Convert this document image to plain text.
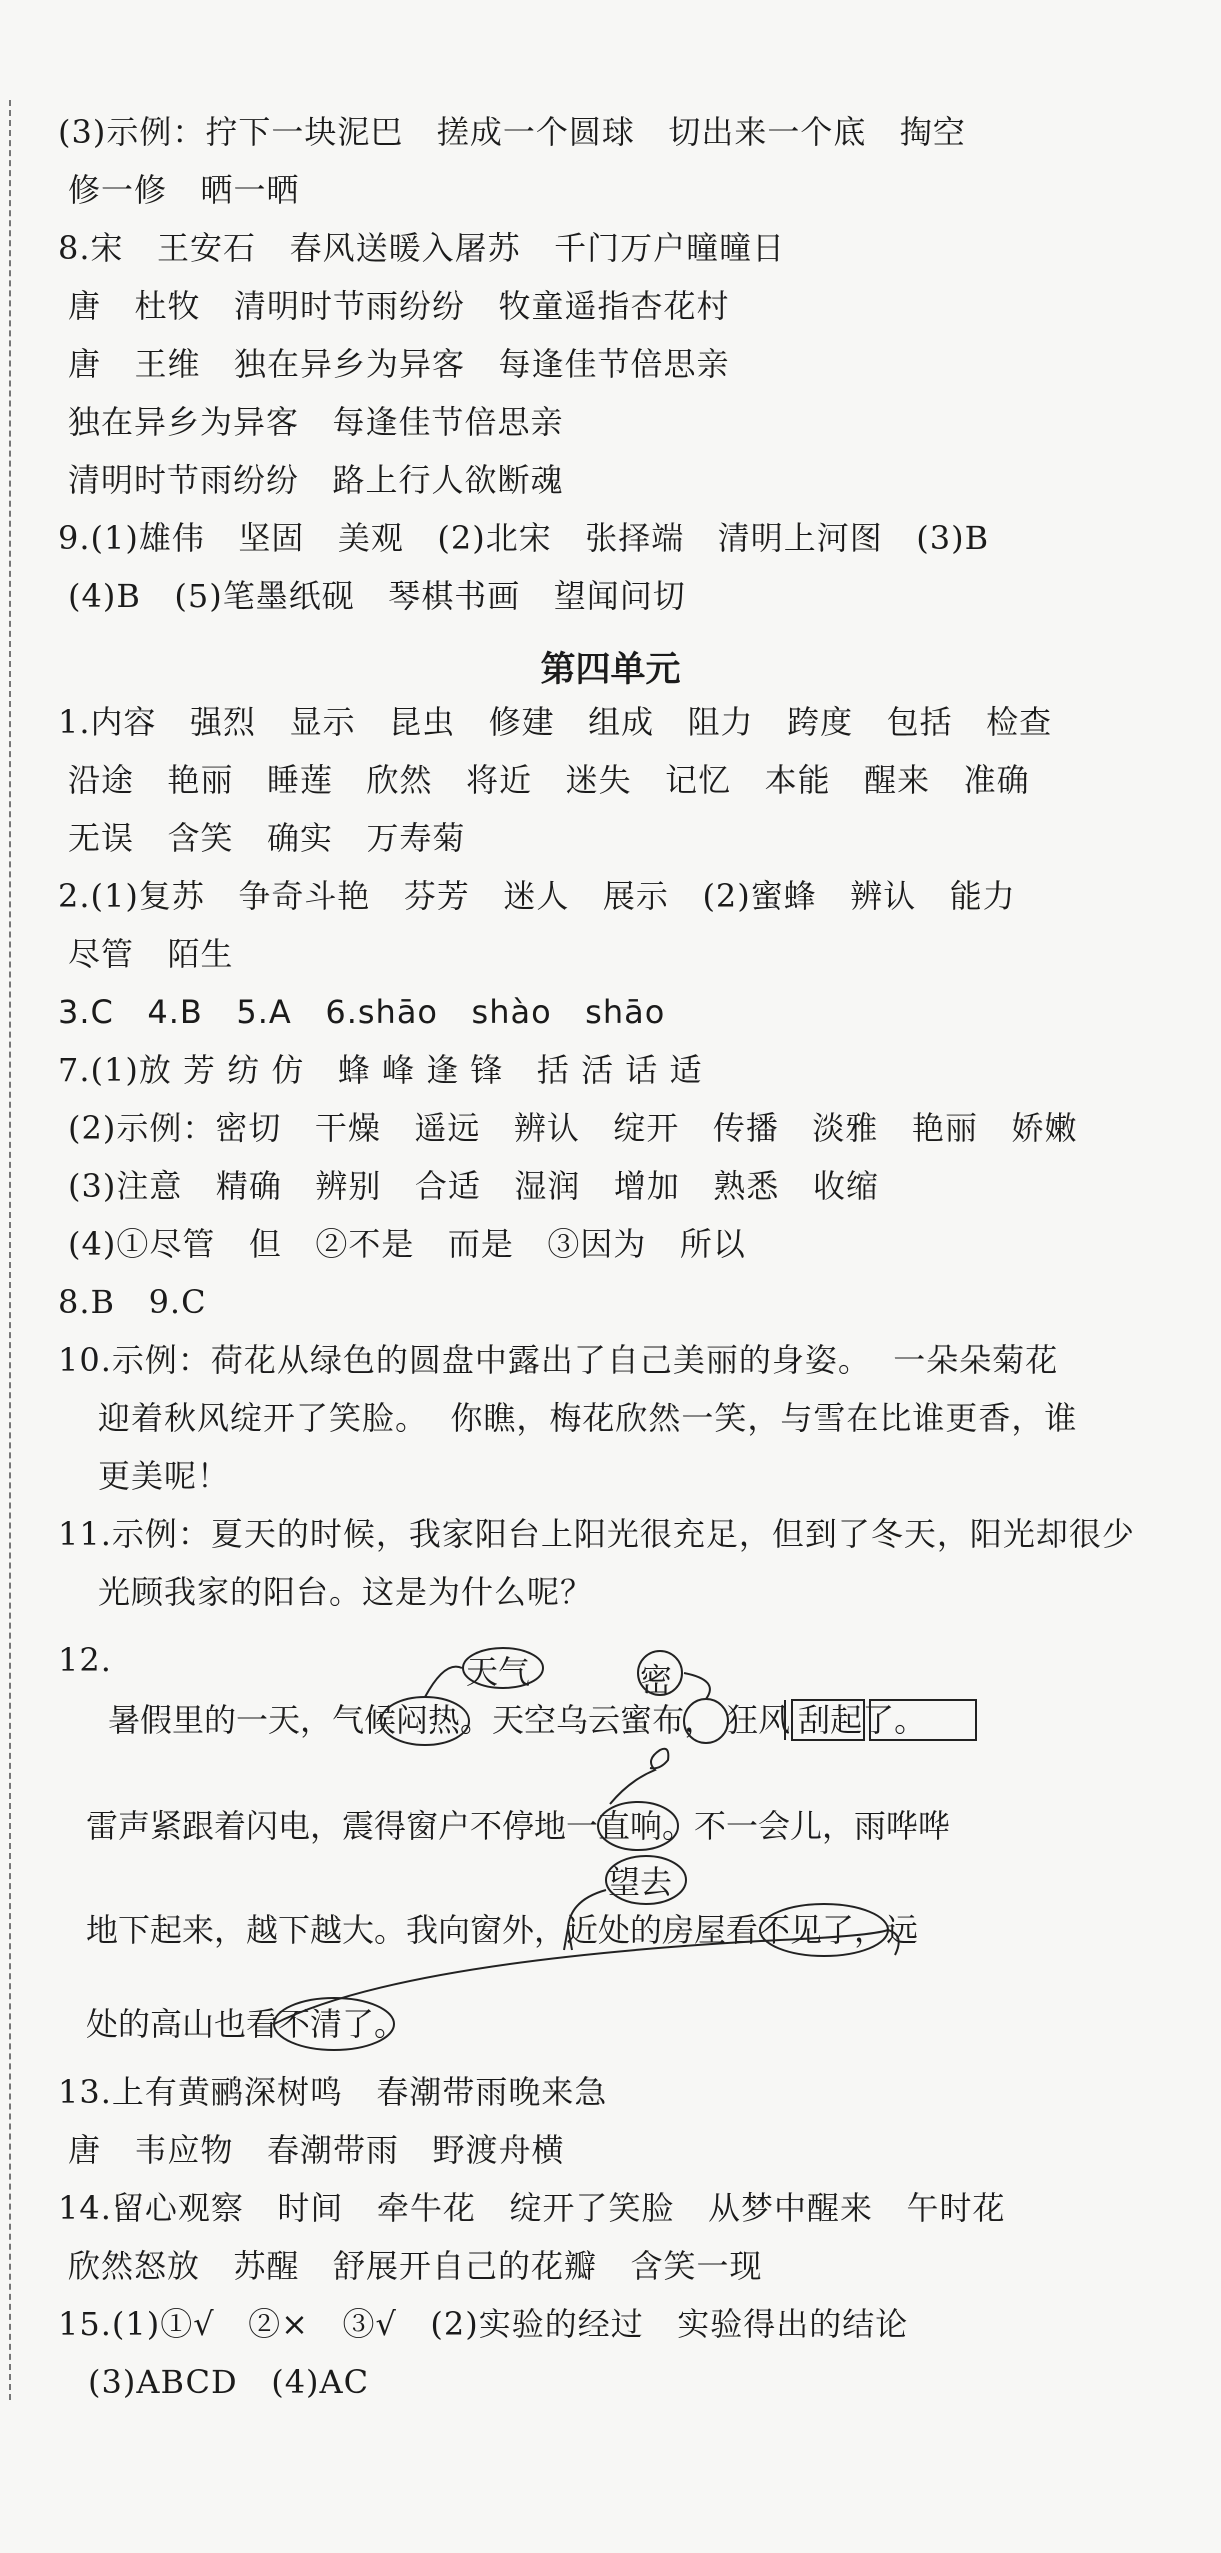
(3)示例：拧下一块泥巴   搓成一个圆球   切出来一个底   掏空
修一修   晒一晒
8.宋   王安石   春风送暖入屠苏   千门万户曈曈日
唐   杜牧   清明时节雨纷纷   牧童遥指杏花村
唐   王维   独在异乡为异客   每逢佳节倍思亲
独在异乡为异客   每逢佳节倍思亲
清明时节雨纷纷   路上行人欲断魂
9.(1)雄伟   坚固   美观   (2)北宋   张择端   清明上河图   (3)B
(4)B   (5)笔墨纸砚   琴棋书画   望闻问切
第四单元
1.内容   强烈   显示   昆虫   修建   组成   阻力   跨度   包括   检查
沿途   艳丽   睡莲   欣然   将近   迷失   记忆   本能   醒来   准确
无误   含笑   确实   万寿菊
2.(1)复苏   争奇斗艳   芬芳   迷人   展示   (2)蜜蜂   辨认   能力
尽管   陌生
3.C   4.B   5.A   6.shāo   shào   shāo
7.(1)放 芳 纺 仿   蜂 峰 逢 锋   括 活 话 适
(2)示例：密切   干燥   遥远   辨认   绽开   传播   淡雅   艳丽   娇嫩
(3)注意   精确   辨别   合适   湿润   增加   熟悉   收缩
(4)①尽管   但   ②不是   而是   ③因为   所以
8.B   9.C
10.示例：荷花从绿色的圆盘中露出了自己美丽的身姿。  一朵朵菊花
迎着秋风绽开了笑脸。  你瞧，梅花欣然一笑，与雪在比谁更香，谁
更美呢！
11.示例：夏天的时候，我家阳台上阳光很充足，但到了冬天，阳光却很少
光顾我家的阳台。这是为什么呢？
12.
暑假里的一天，气候闷热。天空乌云蜜布， 狂风 刮起了。
雷声紧跟着闪电，震得窗户不停地一直响。不一会儿，雨哗哗
地下起来，越下越大。我向窗外，近处的房屋看不见了，远
处的高山也看不清了。
天气	密
望去
13.上有黄鹂深树鸣   春潮带雨晚来急
唐   韦应物   春潮带雨   野渡舟横
14.留心观察   时间   牵牛花   绽开了笑脸   从梦中醒来   午时花
欣然怒放   苏醒   舒展开自己的花瓣   含笑一现
15.(1)①√   ②×   ③√   (2)实验的经过   实验得出的结论
(3)ABCD   (4)AC
